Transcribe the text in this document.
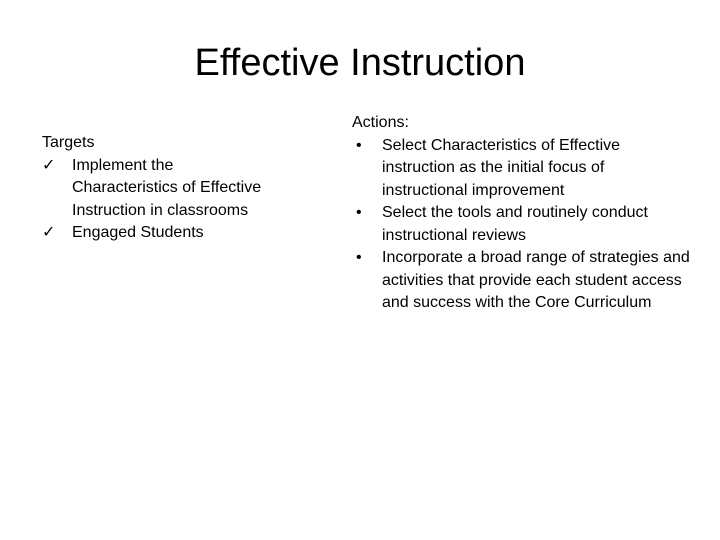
Effective Instruction
Targets
✓ Implement the Characteristics of Effective Instruction in classrooms
✓ Engaged Students
Actions:
• Select Characteristics of Effective instruction as the initial focus of instructional improvement
• Select the tools and routinely conduct instructional reviews
• Incorporate a broad range of strategies and activities that provide each student access and success with the Core Curriculum
